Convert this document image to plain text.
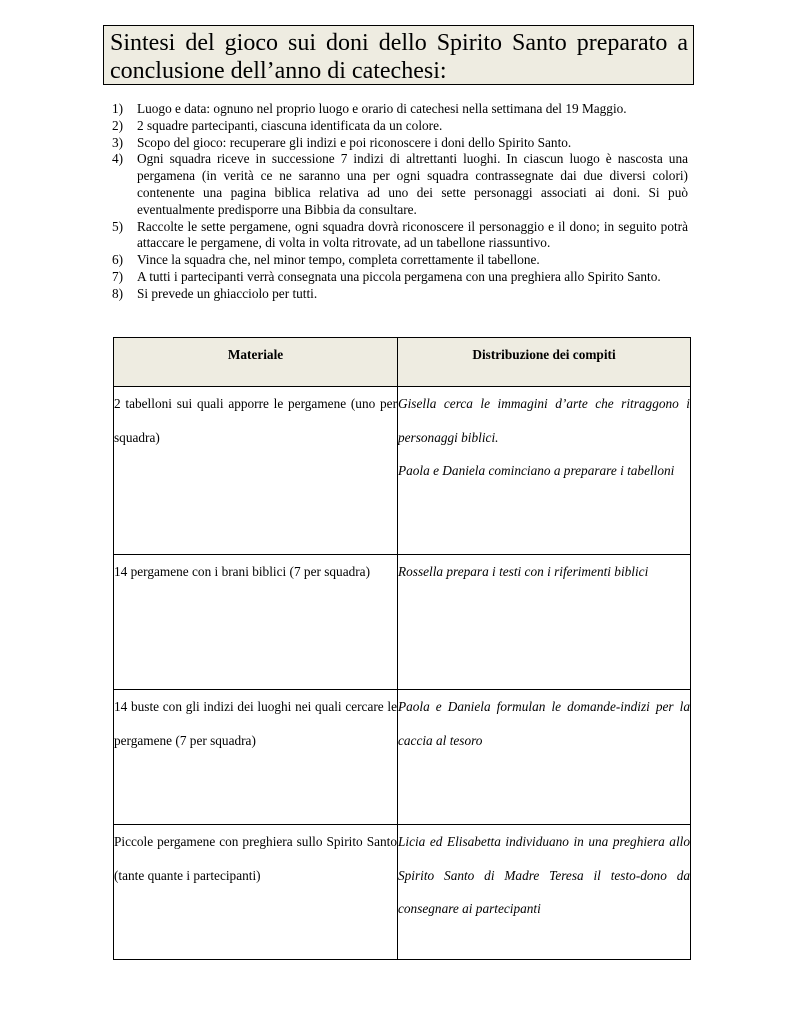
Sintesi del gioco sui doni dello Spirito Santo preparato a
conclusione dell’anno di catechesi:
1) Luogo e data: ognuno nel proprio luogo e orario di catechesi nella settimana del 19 Maggio.
2) 2 squadre partecipanti, ciascuna identificata da un colore.
3) Scopo del gioco: recuperare gli indizi e poi riconoscere i doni dello Spirito Santo.
4) Ogni squadra riceve in successione 7 indizi di altrettanti luoghi. In ciascun luogo è nascosta una pergamena (in verità ce ne saranno una per ogni squadra contrassegnate dai due diversi colori) contenente una pagina biblica relativa ad uno dei sette personaggi associati ai doni. Si può eventualmente predisporre una Bibbia da consultare.
5) Raccolte le sette pergamene, ogni squadra dovrà riconoscere il personaggio e il dono; in seguito potrà attaccare le pergamene, di volta in volta ritrovate, ad un tabellone riassuntivo.
6) Vince la squadra che, nel minor tempo, completa correttamente il tabellone.
7) A tutti i partecipanti verrà consegnata una piccola pergamena con una preghiera allo Spirito Santo.
8) Si prevede un ghiacciolo per tutti.
Materiale	Distribuzione dei compiti
2 tabelloni sui quali apporre le pergamene (uno per squadra)	Gisella cerca le immagini d’arte che ritraggono i personaggi biblici.

Paola e Daniela cominciano a preparare i tabelloni

14 pergamene con i brani biblici (7 per squadra)	Rossella prepara i testi con i riferimenti biblici

14 buste con gli indizi dei luoghi nei quali cercare le pergamene (7 per squadra)	Paola e Daniela formulan le domande-indizi per la caccia al tesoro

Piccole pergamene con preghiera sullo Spirito Santo (tante quante i partecipanti)	Licia ed Elisabetta individuano in una preghiera allo Spirito Santo di Madre Teresa il testo-dono da consegnare ai partecipanti
